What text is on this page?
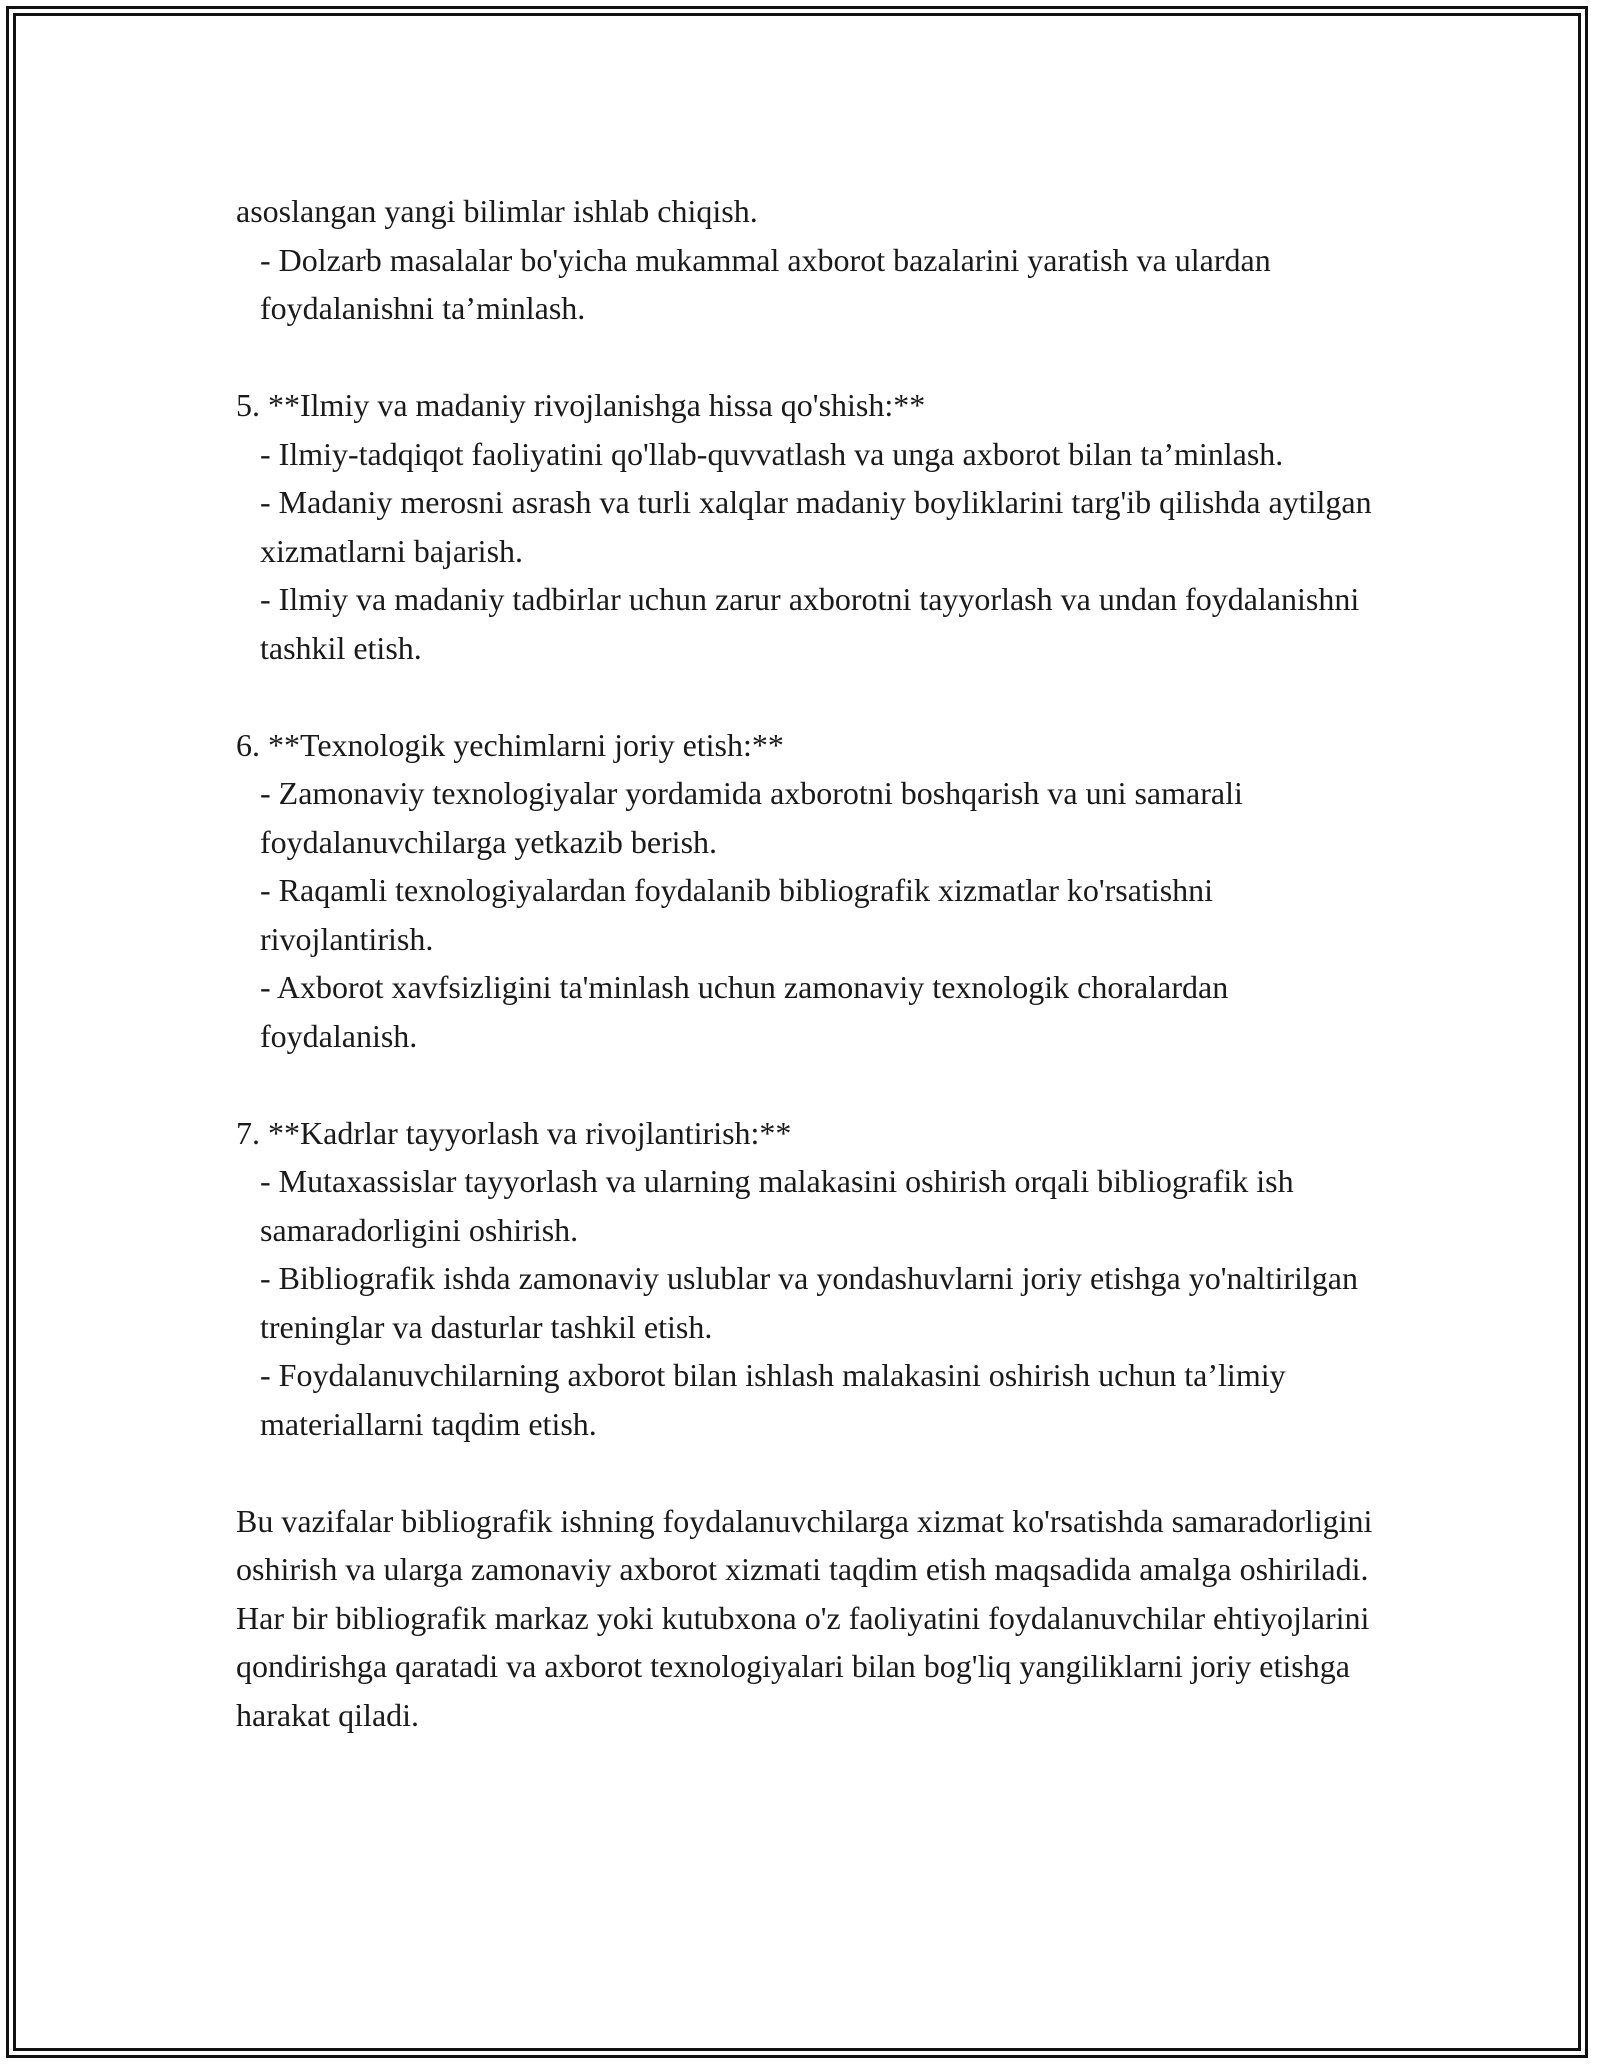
asoslangan yangi bilimlar ishlab chiqish.

- Dolzarb masalalar bo'yicha mukammal axborot bazalarini yaratish va ulardan foydalanishni ta’minlash.

5. **Ilmiy va madaniy rivojlanishga hissa qo'shish:**

- Ilmiy-tadqiqot faoliyatini qo'llab-quvvatlash va unga axborot bilan ta’minlash.

- Madaniy merosni asrash va turli xalqlar madaniy boyliklarini targ'ib qilishda aytilgan xizmatlarni bajarish.

- Ilmiy va madaniy tadbirlar uchun zarur axborotni tayyorlash va undan foydalanishni tashkil etish.

6. **Texnologik yechimlarni joriy etish:**

- Zamonaviy texnologiyalar yordamida axborotni boshqarish va uni samarali foydalanuvchilarga yetkazib berish.

- Raqamli texnologiyalardan foydalanib bibliografik xizmatlar ko'rsatishni rivojlantirish.

- Axborot xavfsizligini ta'minlash uchun zamonaviy texnologik choralardan foydalanish.

7. **Kadrlar tayyorlash va rivojlantirish:**

- Mutaxassislar tayyorlash va ularning malakasini oshirish orqali bibliografik ish samaradorligini oshirish.

- Bibliografik ishda zamonaviy uslublar va yondashuvlarni joriy etishga yo'naltirilgan treninglar va dasturlar tashkil etish.

- Foydalanuvchilarning axborot bilan ishlash malakasini oshirish uchun ta’limiy materiallarni taqdim etish.

Bu vazifalar bibliografik ishning foydalanuvchilarga xizmat ko'rsatishda samaradorligini oshirish va ularga zamonaviy axborot xizmati taqdim etish maqsadida amalga oshiriladi. Har bir bibliografik markaz yoki kutubxona o'z faoliyatini foydalanuvchilar ehtiyojlarini qondirishga qaratadi va axborot texnologiyalari bilan bog'liq yangiliklarni joriy etishga harakat qiladi.
